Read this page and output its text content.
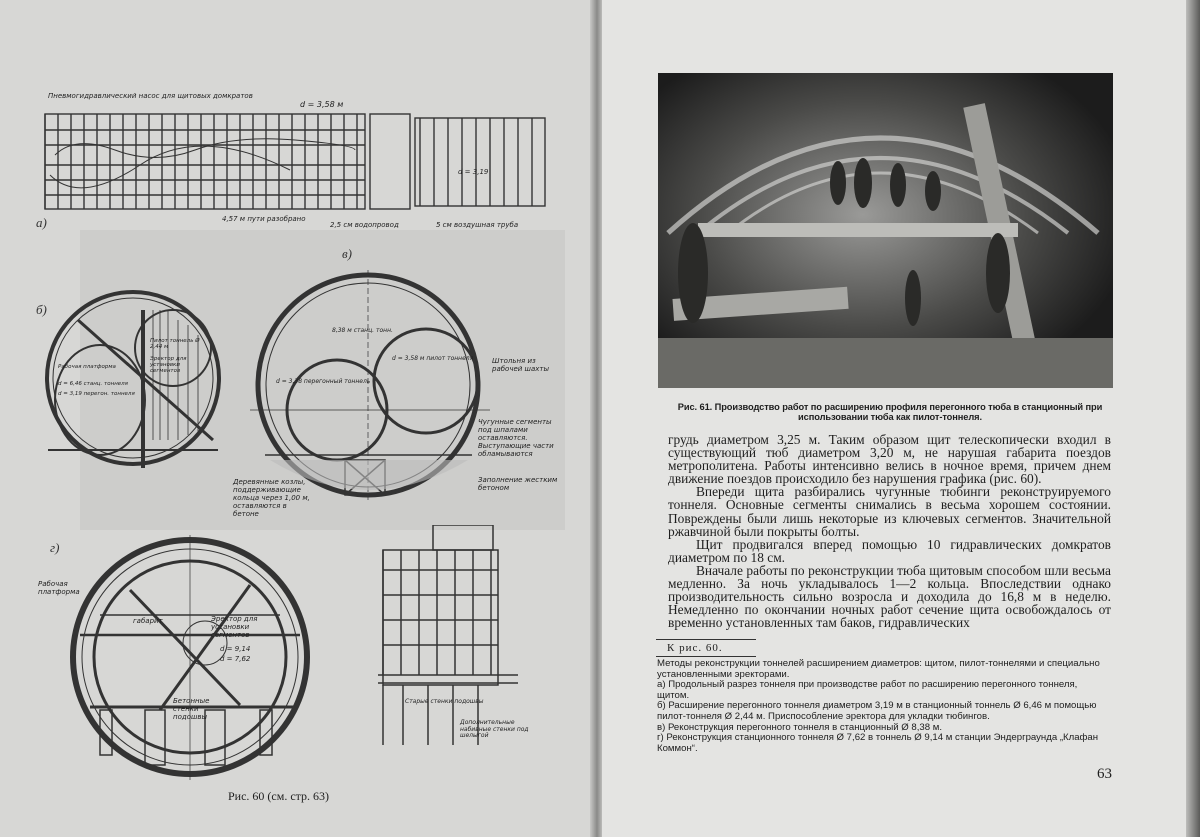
а)
Пневмогидравлический насос для щитовых домкратов
d = 3,58 м
d = 3,19
4,57 м пути разобрано
2,5 см водопровод	5 см воздушная труба
б)
Пилот тоннель Ø 2,44 м
Эректор для установки сегментов
Рабочая платформа
d = 6,46 станц. тоннеля
d = 3,19 перегон. тоннеля
в)
8,38 м станц. тонн.
d = 3,58 м пилот тоннеля	Штольня из рабочей шахты
d = 3,38 перегонный тоннель
Чугунные сегменты под шпалами оставляются. Выступающие части обламываются
Заполнение жестким бетоном
Деревянные козлы, поддерживающие кольца через 1,00 м, оставляются в бетоне
г)
Рабочая платформа
габарит	Эректор для установки сегментов
d = 9,14
d = 7,62
Бетонные стенки подошвы
Старые стенки подошвы
Дополнительные набивные стенки под шелыгой
Рис. 60 (см. стр. 63)
Рис. 61. Производство работ по расширению профиля перегонного тюба в станционный при использовании тюба как пилот-тоннеля.

грудь диаметром 3,25 м. Таким образом щит телескопически входил в существующий тюб диаметром 3,20 м, не нарушая габарита поездов метрополитена. Работы интенсивно велись в ночное время, причем днем движение поездов происходило без нарушения графика (рис. 60).

Впереди щита разбирались чугунные тюбинги реконструируемого тоннеля. Основные сегменты снимались в весьма хорошем состоянии. Повреждены были лишь некоторые из ключевых сегментов. Значительной ржавчиной были покрыты болты.

Щит продвигался вперед помощью 10 гидравлических домкратов диаметром по 18 см.

Вначале работы по реконструкции тюба щитовым способом шли весьма медленно. За ночь укладывалось 1—2 кольца. Впоследствии однако производительность сильно возросла и доходила до 16,8 м в неделю. Немедленно по окончании ночных работ сечение щита освобождалось от временно установленных там баков, гидравлических

К рис. 60.
Методы реконструкции тоннелей расширением диаметров: щитом, пилот-тоннелями и специально установленными эректорами.
а) Продольный разрез тоннеля при производстве работ по расширению перегонного тоннеля, щитом.
б) Расширение перегонного тоннеля диаметром 3,19 м в станционный тоннель Ø 6,46 м помощью пилот-тоннеля Ø 2,44 м. Приспособление эректора для укладки тюбингов.
в) Реконструкция перегонного тоннеля в станционный Ø 8,38 м.
г) Реконструкция станционного тоннеля Ø 7,62 в тоннель Ø 9,14 м станции Эндерграунда „Клафан Коммон“.
63
